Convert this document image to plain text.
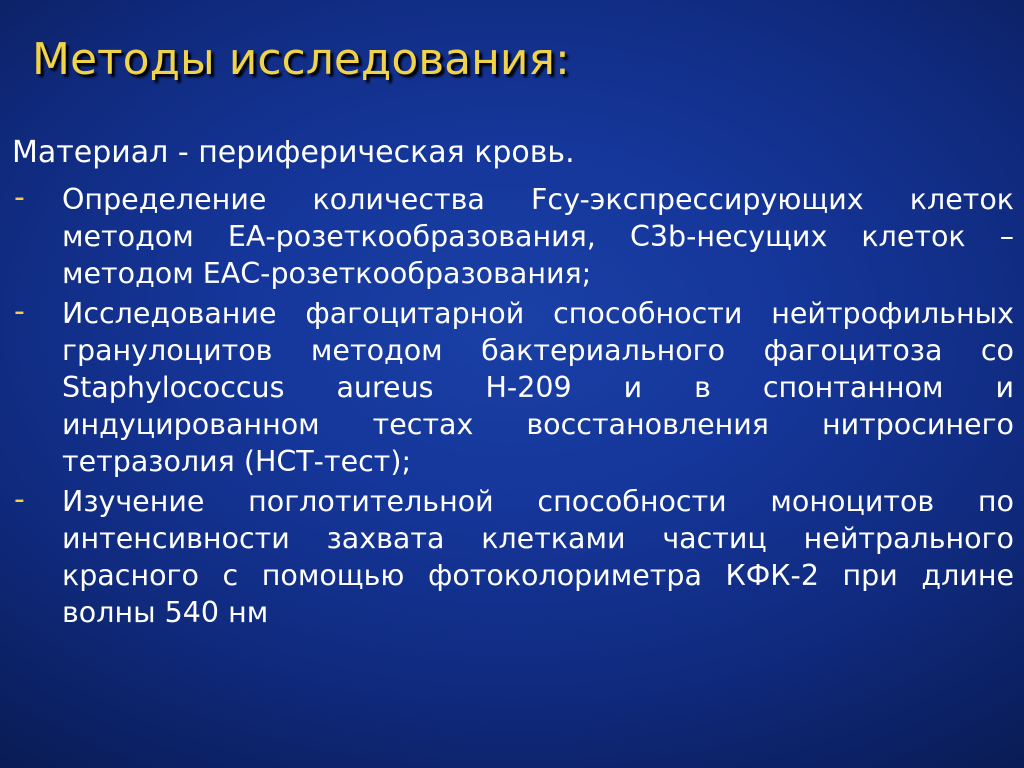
Методы исследования:

Материал - периферическая кровь.

- Определение количества Fcy-экспрессирующих клеток методом ЕА-розеткообразования, С3b-несущих клеток – методом ЕАС-розеткообразования;
- Исследование фагоцитарной способности нейтрофильных гранулоцитов методом бактериального фагоцитоза со Staphylococcus aureus Н-209 и в спонтанном и индуцированном тестах восстановления нитросинего тетразолия (НСТ-тест);
- Изучение поглотительной способности моноцитов по интенсивности захвата клетками частиц нейтрального красного с помощью фотоколориметра КФК-2 при длине волны 540 нм
